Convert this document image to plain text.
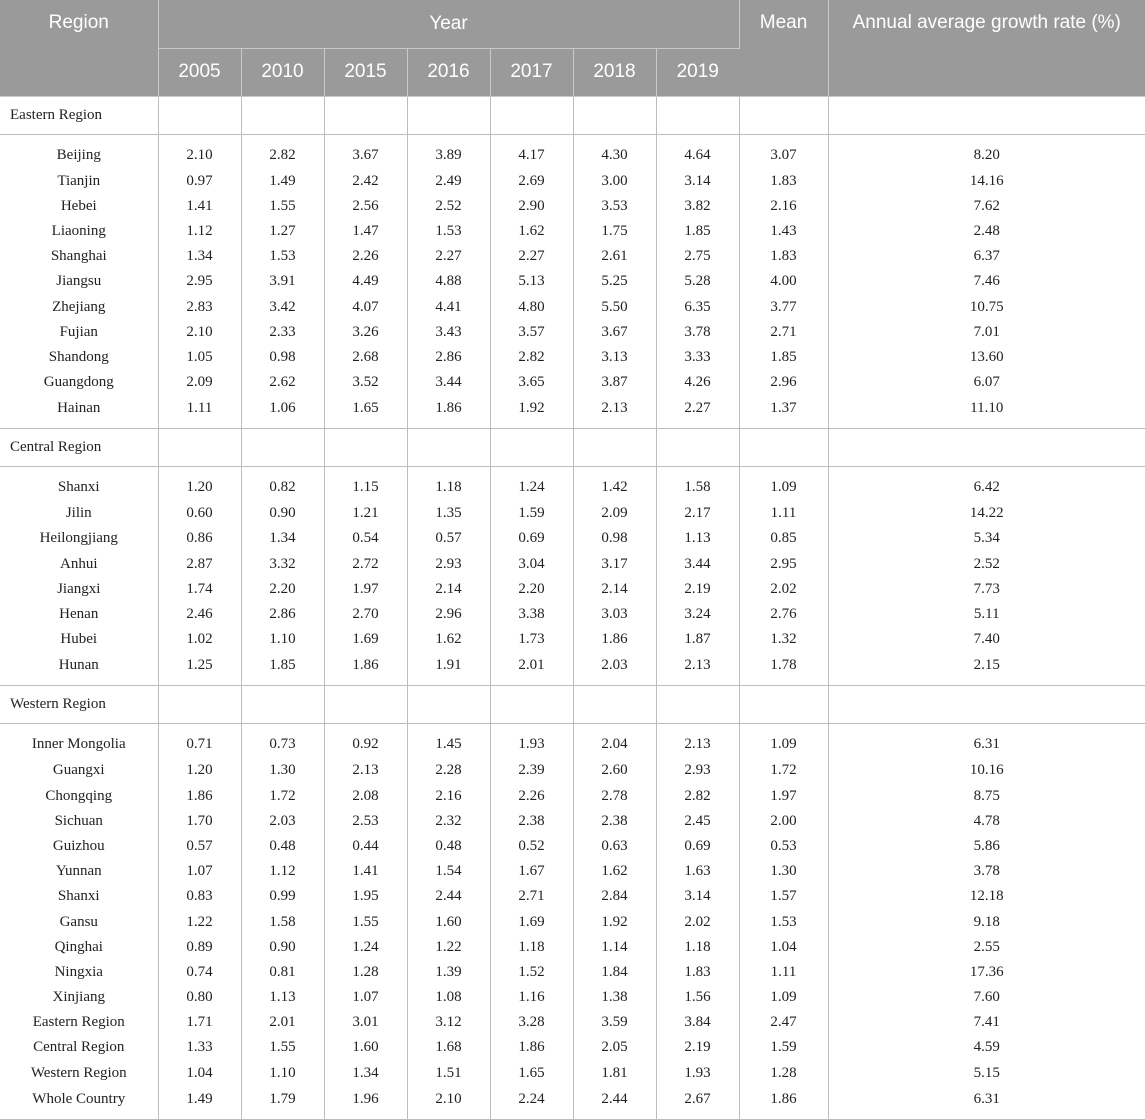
Region	Year							Mean	Annual average growth rate (%)
	2005	2010	2015	2016	2017	2018	2019		
Eastern Region									
Beijing	2.10	2.82	3.67	3.89	4.17	4.30	4.64	3.07	8.20
Tianjin	0.97	1.49	2.42	2.49	2.69	3.00	3.14	1.83	14.16
Hebei	1.41	1.55	2.56	2.52	2.90	3.53	3.82	2.16	7.62
Liaoning	1.12	1.27	1.47	1.53	1.62	1.75	1.85	1.43	2.48
Shanghai	1.34	1.53	2.26	2.27	2.27	2.61	2.75	1.83	6.37
Jiangsu	2.95	3.91	4.49	4.88	5.13	5.25	5.28	4.00	7.46
Zhejiang	2.83	3.42	4.07	4.41	4.80	5.50	6.35	3.77	10.75
Fujian	2.10	2.33	3.26	3.43	3.57	3.67	3.78	2.71	7.01
Shandong	1.05	0.98	2.68	2.86	2.82	3.13	3.33	1.85	13.60
Guangdong	2.09	2.62	3.52	3.44	3.65	3.87	4.26	2.96	6.07
Hainan	1.11	1.06	1.65	1.86	1.92	2.13	2.27	1.37	11.10
Central Region									
Shanxi	1.20	0.82	1.15	1.18	1.24	1.42	1.58	1.09	6.42
Jilin	0.60	0.90	1.21	1.35	1.59	2.09	2.17	1.11	14.22
Heilongjiang	0.86	1.34	0.54	0.57	0.69	0.98	1.13	0.85	5.34
Anhui	2.87	3.32	2.72	2.93	3.04	3.17	3.44	2.95	2.52
Jiangxi	1.74	2.20	1.97	2.14	2.20	2.14	2.19	2.02	7.73
Henan	2.46	2.86	2.70	2.96	3.38	3.03	3.24	2.76	5.11
Hubei	1.02	1.10	1.69	1.62	1.73	1.86	1.87	1.32	7.40
Hunan	1.25	1.85	1.86	1.91	2.01	2.03	2.13	1.78	2.15
Western Region									
Inner Mongolia	0.71	0.73	0.92	1.45	1.93	2.04	2.13	1.09	6.31
Guangxi	1.20	1.30	2.13	2.28	2.39	2.60	2.93	1.72	10.16
Chongqing	1.86	1.72	2.08	2.16	2.26	2.78	2.82	1.97	8.75
Sichuan	1.70	2.03	2.53	2.32	2.38	2.38	2.45	2.00	4.78
Guizhou	0.57	0.48	0.44	0.48	0.52	0.63	0.69	0.53	5.86
Yunnan	1.07	1.12	1.41	1.54	1.67	1.62	1.63	1.30	3.78
Shanxi	0.83	0.99	1.95	2.44	2.71	2.84	3.14	1.57	12.18
Gansu	1.22	1.58	1.55	1.60	1.69	1.92	2.02	1.53	9.18
Qinghai	0.89	0.90	1.24	1.22	1.18	1.14	1.18	1.04	2.55
Ningxia	0.74	0.81	1.28	1.39	1.52	1.84	1.83	1.11	17.36
Xinjiang	0.80	1.13	1.07	1.08	1.16	1.38	1.56	1.09	7.60
Eastern Region	1.71	2.01	3.01	3.12	3.28	3.59	3.84	2.47	7.41
Central Region	1.33	1.55	1.60	1.68	1.86	2.05	2.19	1.59	4.59
Western Region	1.04	1.10	1.34	1.51	1.65	1.81	1.93	1.28	5.15
Whole Country	1.49	1.79	1.96	2.10	2.24	2.44	2.67	1.86	6.31
